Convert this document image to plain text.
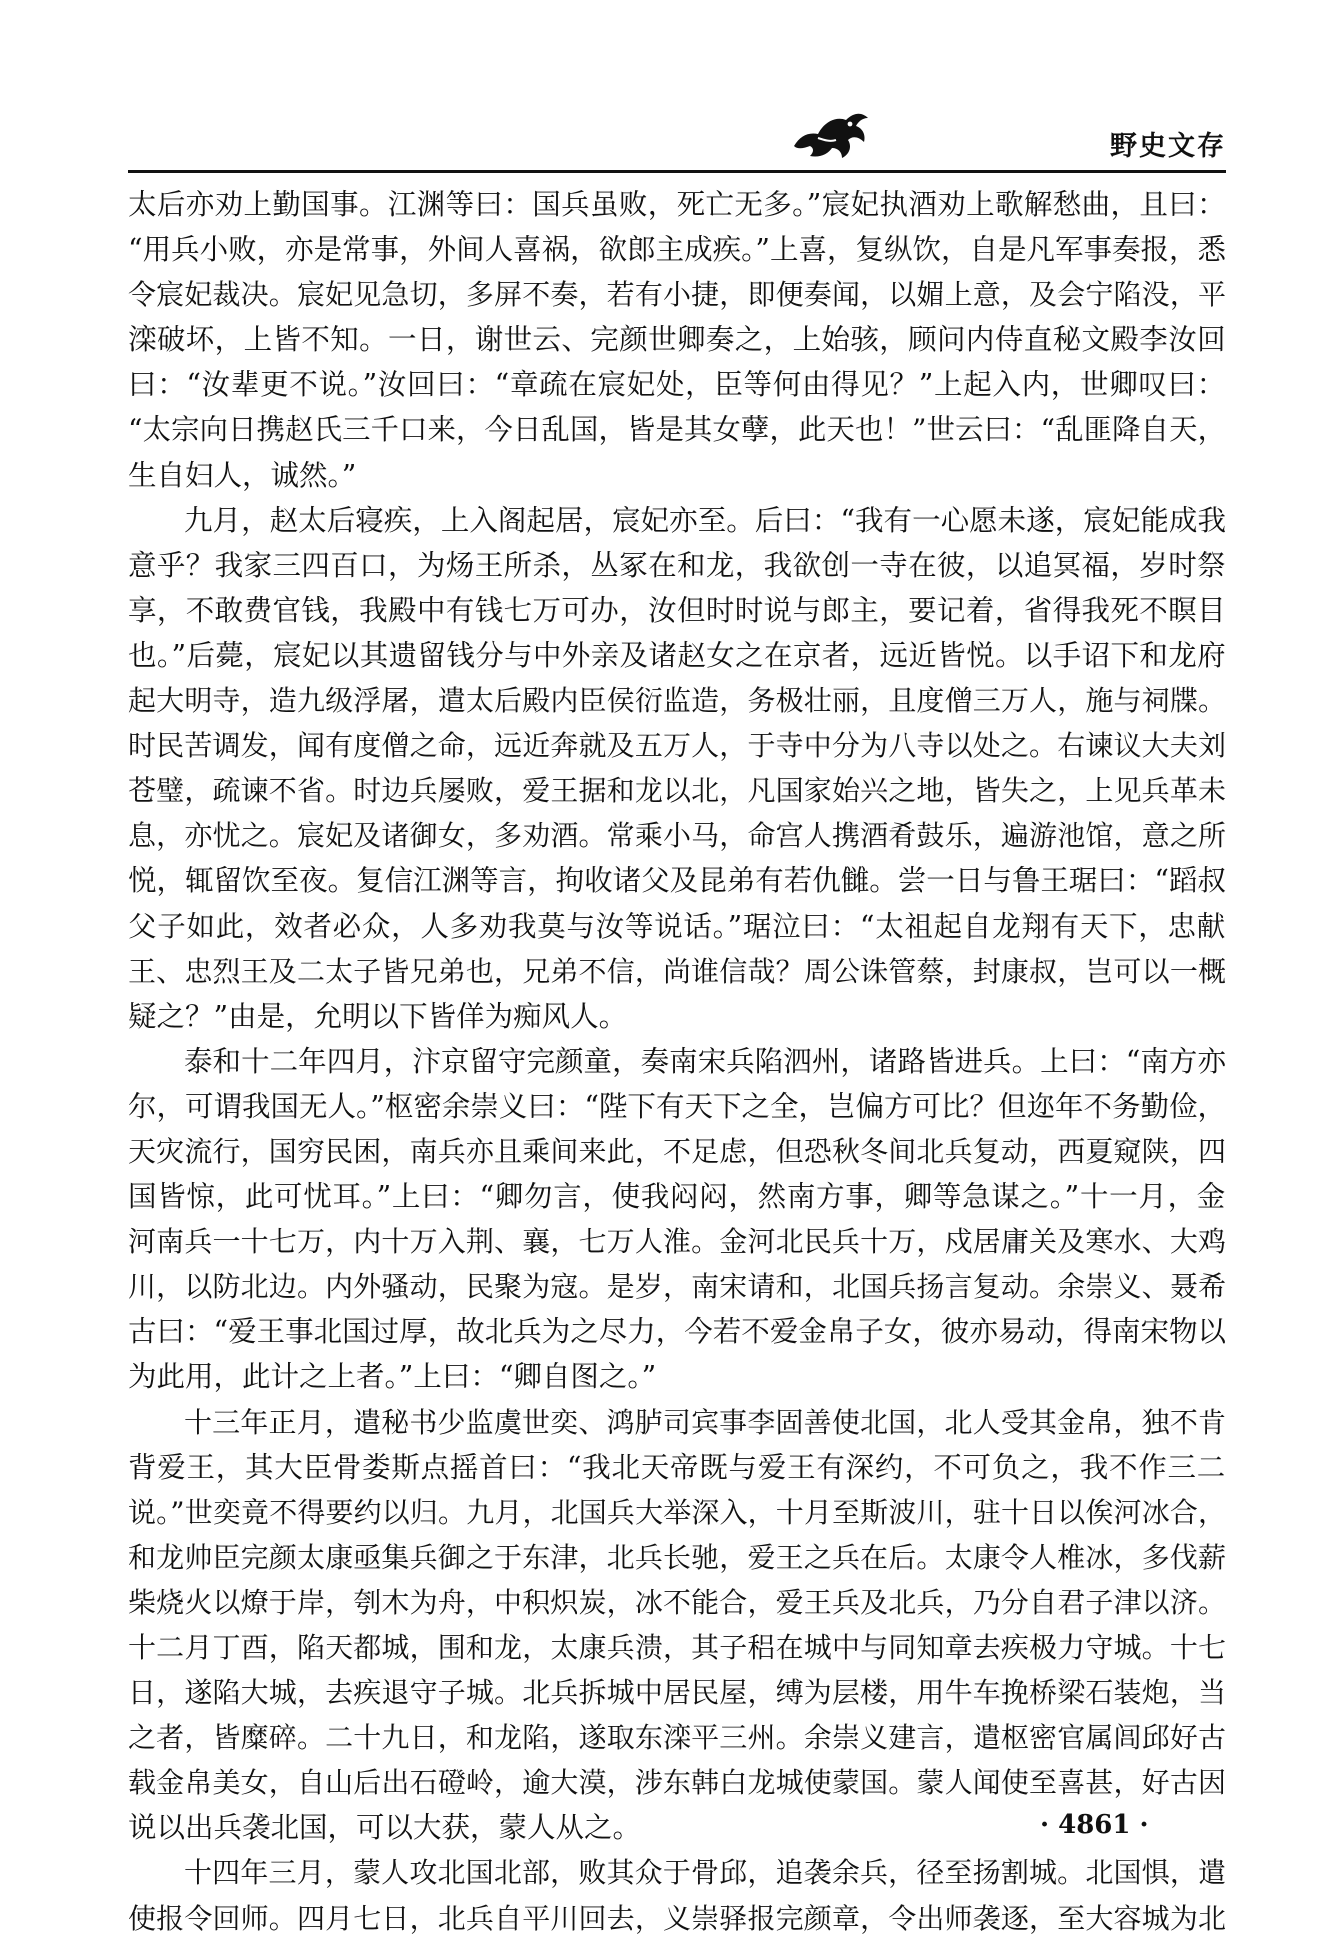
野史文存
太后亦劝上勤国事。江渊等曰：国兵虽败，死亡无多。”宸妃执酒劝上歌解愁曲，且曰：
“用兵小败，亦是常事，外间人喜祸，欲郎主成疾。”上喜，复纵饮，自是凡军事奏报，悉
令宸妃裁决。宸妃见急切，多屏不奏，若有小捷，即便奏闻，以媚上意，及会宁陷没，平
滦破坏，上皆不知。一日，谢世云、完颜世卿奏之，上始骇，顾问内侍直秘文殿李汝回
曰：“汝辈更不说。”汝回曰：“章疏在宸妃处，臣等何由得见？”上起入内，世卿叹曰：
“太宗向日携赵氏三千口来，今日乱国，皆是其女孽，此天也！”世云曰：“乱匪降自天，
生自妇人，诚然。”
九月，赵太后寝疾，上入阁起居，宸妃亦至。后曰：“我有一心愿未遂，宸妃能成我
意乎？我家三四百口，为炀王所杀，丛冢在和龙，我欲创一寺在彼，以追冥福，岁时祭
享，不敢费官钱，我殿中有钱七万可办，汝但时时说与郎主，要记着，省得我死不瞑目
也。”后薨，宸妃以其遗留钱分与中外亲及诸赵女之在京者，远近皆悦。以手诏下和龙府
起大明寺，造九级浮屠，遣太后殿内臣侯衍监造，务极壮丽，且度僧三万人，施与祠牒。
时民苦调发，闻有度僧之命，远近奔就及五万人，于寺中分为八寺以处之。右谏议大夫刘
苍璧，疏谏不省。时边兵屡败，爱王据和龙以北，凡国家始兴之地，皆失之，上见兵革未
息，亦忧之。宸妃及诸御女，多劝酒。常乘小马，命宫人携酒肴鼓乐，遍游池馆，意之所
悦，辄留饮至夜。复信江渊等言，拘收诸父及昆弟有若仇雠。尝一日与鲁王琚曰：“蹈叔
父子如此，效者必众，人多劝我莫与汝等说话。”琚泣曰：“太祖起自龙翔有天下，忠献
王、忠烈王及二太子皆兄弟也，兄弟不信，尚谁信哉？周公诛管蔡，封康叔，岂可以一概
疑之？”由是，允明以下皆佯为痴风人。
泰和十二年四月，汴京留守完颜童，奏南宋兵陷泗州，诸路皆进兵。上曰：“南方亦
尔，可谓我国无人。”枢密余崇义曰：“陛下有天下之全，岂偏方可比？但迩年不务勤俭，
天灾流行，国穷民困，南兵亦且乘间来此，不足虑，但恐秋冬间北兵复动，西夏窥陕，四
国皆惊，此可忧耳。”上曰：“卿勿言，使我闷闷，然南方事，卿等急谋之。”十一月，金
河南兵一十七万，内十万入荆、襄，七万人淮。金河北民兵十万，戍居庸关及寒水、大鸡
川，以防北边。内外骚动，民聚为寇。是岁，南宋请和，北国兵扬言复动。余崇义、聂希
古曰：“爱王事北国过厚，故北兵为之尽力，今若不爱金帛子女，彼亦易动，得南宋物以
为此用，此计之上者。”上曰：“卿自图之。”
十三年正月，遣秘书少监虞世奕、鸿胪司宾事李固善使北国，北人受其金帛，独不肯
背爱王，其大臣骨娄斯点摇首曰：“我北天帝既与爱王有深约，不可负之，我不作三二
说。”世奕竟不得要约以归。九月，北国兵大举深入，十月至斯波川，驻十日以俟河冰合，
和龙帅臣完颜太康亟集兵御之于东津，北兵长驰，爱王之兵在后。太康令人椎冰，多伐薪
柴烧火以燎于岸，刳木为舟，中积炽炭，冰不能合，爱王兵及北兵，乃分自君子津以济。
十二月丁酉，陷天都城，围和龙，太康兵溃，其子稆在城中与同知章去疾极力守城。十七
日，遂陷大城，去疾退守子城。北兵拆城中居民屋，缚为层楼，用牛车挽桥梁石装炮，当
之者，皆糜碎。二十九日，和龙陷，遂取东滦平三州。余崇义建言，遣枢密官属闾邱好古
载金帛美女，自山后出石磴岭，逾大漠，涉东韩白龙城使蒙国。蒙人闻使至喜甚，好古因
说以出兵袭北国，可以大获，蒙人从之。
十四年三月，蒙人攻北国北部，败其众于骨邱，追袭余兵，径至扬割城。北国惧，遣
使报令回师。四月七日，北兵自平川回去，义崇驿报完颜章，令出师袭逐，至大容城为北
· 4861 ·
